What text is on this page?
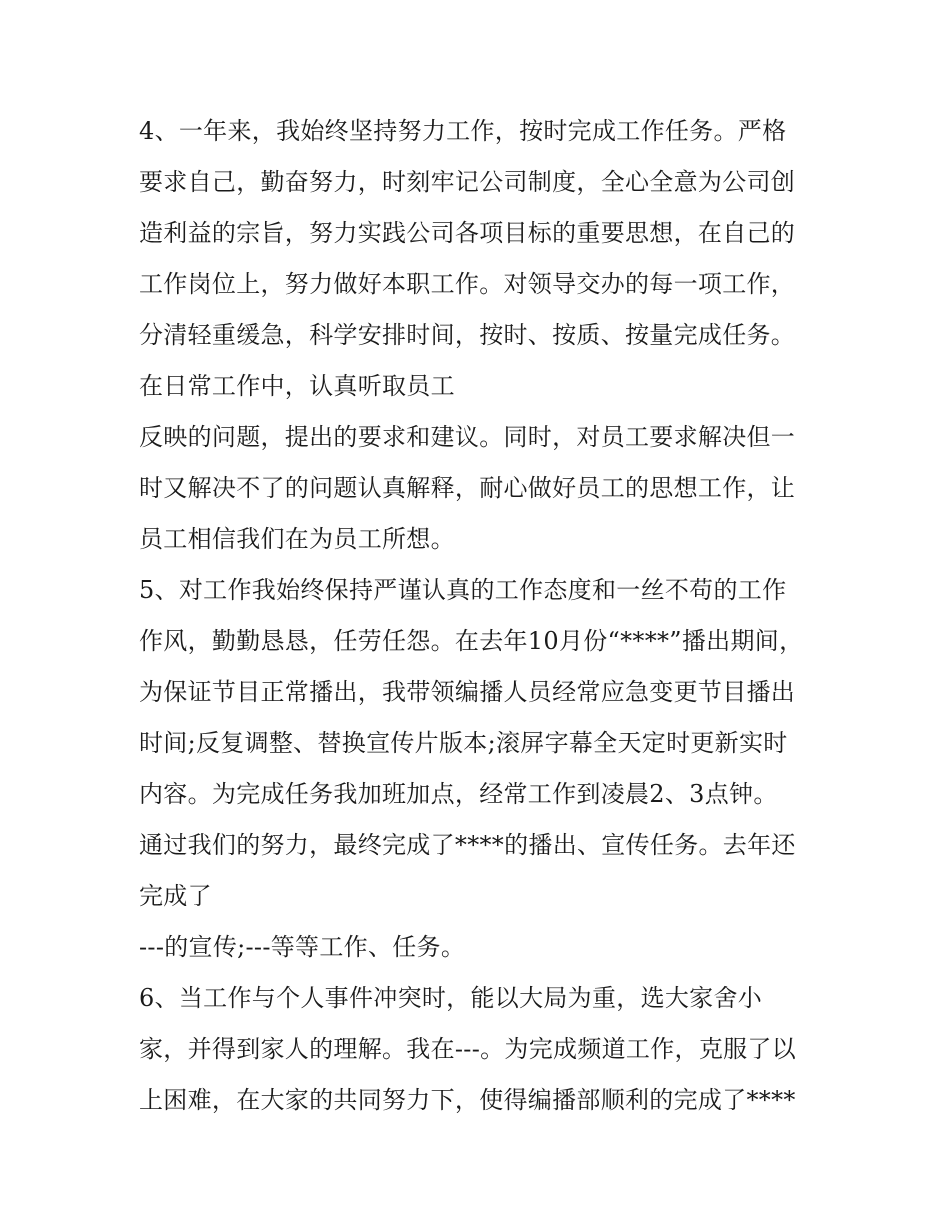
4、一年来，我始终坚持努力工作，按时完成工作任务。严格
要求自己，勤奋努力，时刻牢记公司制度，全心全意为公司创
造利益的宗旨，努力实践公司各项目标的重要思想，在自己的
工作岗位上，努力做好本职工作。对领导交办的每一项工作，
分清轻重缓急，科学安排时间，按时、按质、按量完成任务。
在日常工作中，认真听取员工
反映的问题，提出的要求和建议。同时，对员工要求解决但一
时又解决不了的问题认真解释，耐心做好员工的思想工作，让
员工相信我们在为员工所想。
5、对工作我始终保持严谨认真的工作态度和一丝不苟的工作
作风，勤勤恳恳，任劳任怨。在去年10月份“****”播出期间，
为保证节目正常播出，我带领编播人员经常应急变更节目播出
时间;反复调整、替换宣传片版本;滚屏字幕全天定时更新实时
内容。为完成任务我加班加点，经常工作到凌晨2、3点钟。
通过我们的努力，最终完成了****的播出、宣传任务。去年还
完成了
---的宣传;---等等工作、任务。
6、当工作与个人事件冲突时，能以大局为重，选大家舍小
家，并得到家人的理解。我在---。为完成频道工作，克服了以
上困难，在大家的共同努力下，使得编播部顺利的完成了****
